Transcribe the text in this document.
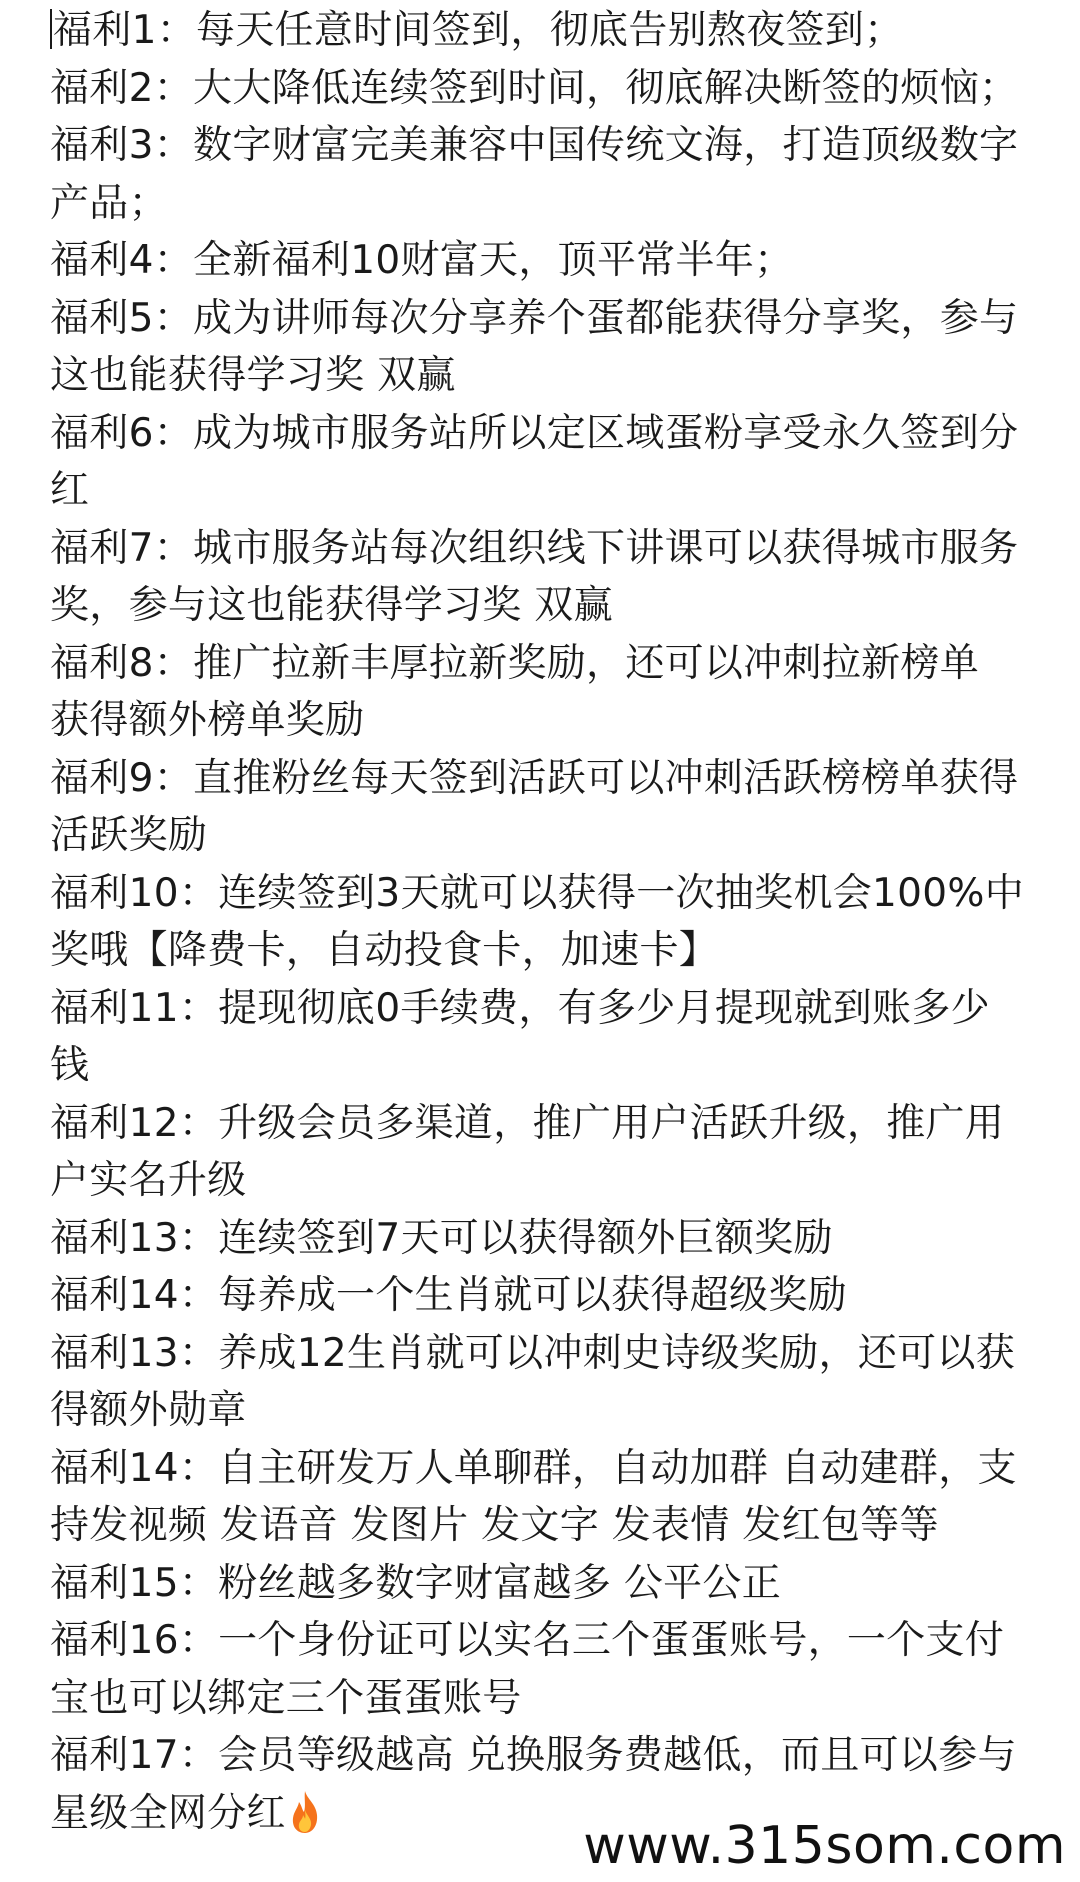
福利1：每天任意时间签到，彻底告别熬夜签到；
福利2：大大降低连续签到时间，彻底解决断签的烦恼；
福利3：数字财富完美兼容中国传统文海，打造顶级数字
产品；
福利4：全新福利10财富天，顶平常半年；
福利5：成为讲师每次分享养个蛋都能获得分享奖，参与
这也能获得学习奖 双赢
福利6：成为城市服务站所以定区域蛋粉享受永久签到分
红
福利7：城市服务站每次组织线下讲课可以获得城市服务
奖，参与这也能获得学习奖 双赢
福利8：推广拉新丰厚拉新奖励，还可以冲刺拉新榜单
获得额外榜单奖励
福利9：直推粉丝每天签到活跃可以冲刺活跃榜榜单获得
活跃奖励
福利10：连续签到3天就可以获得一次抽奖机会100%中
奖哦【降费卡，自动投食卡，加速卡】
福利11：提现彻底0手续费，有多少月提现就到账多少
钱
福利12：升级会员多渠道，推广用户活跃升级，推广用
户实名升级
福利13：连续签到7天可以获得额外巨额奖励
福利14：每养成一个生肖就可以获得超级奖励
福利13：养成12生肖就可以冲刺史诗级奖励，还可以获
得额外勋章
福利14：自主研发万人单聊群，自动加群 自动建群，支
持发视频 发语音 发图片 发文字 发表情 发红包等等
福利15：粉丝越多数字财富越多 公平公正
福利16：一个身份证可以实名三个蛋蛋账号，一个支付
宝也可以绑定三个蛋蛋账号
福利17：会员等级越高 兑换服务费越低，而且可以参与
星级全网分红
www.315som.com
